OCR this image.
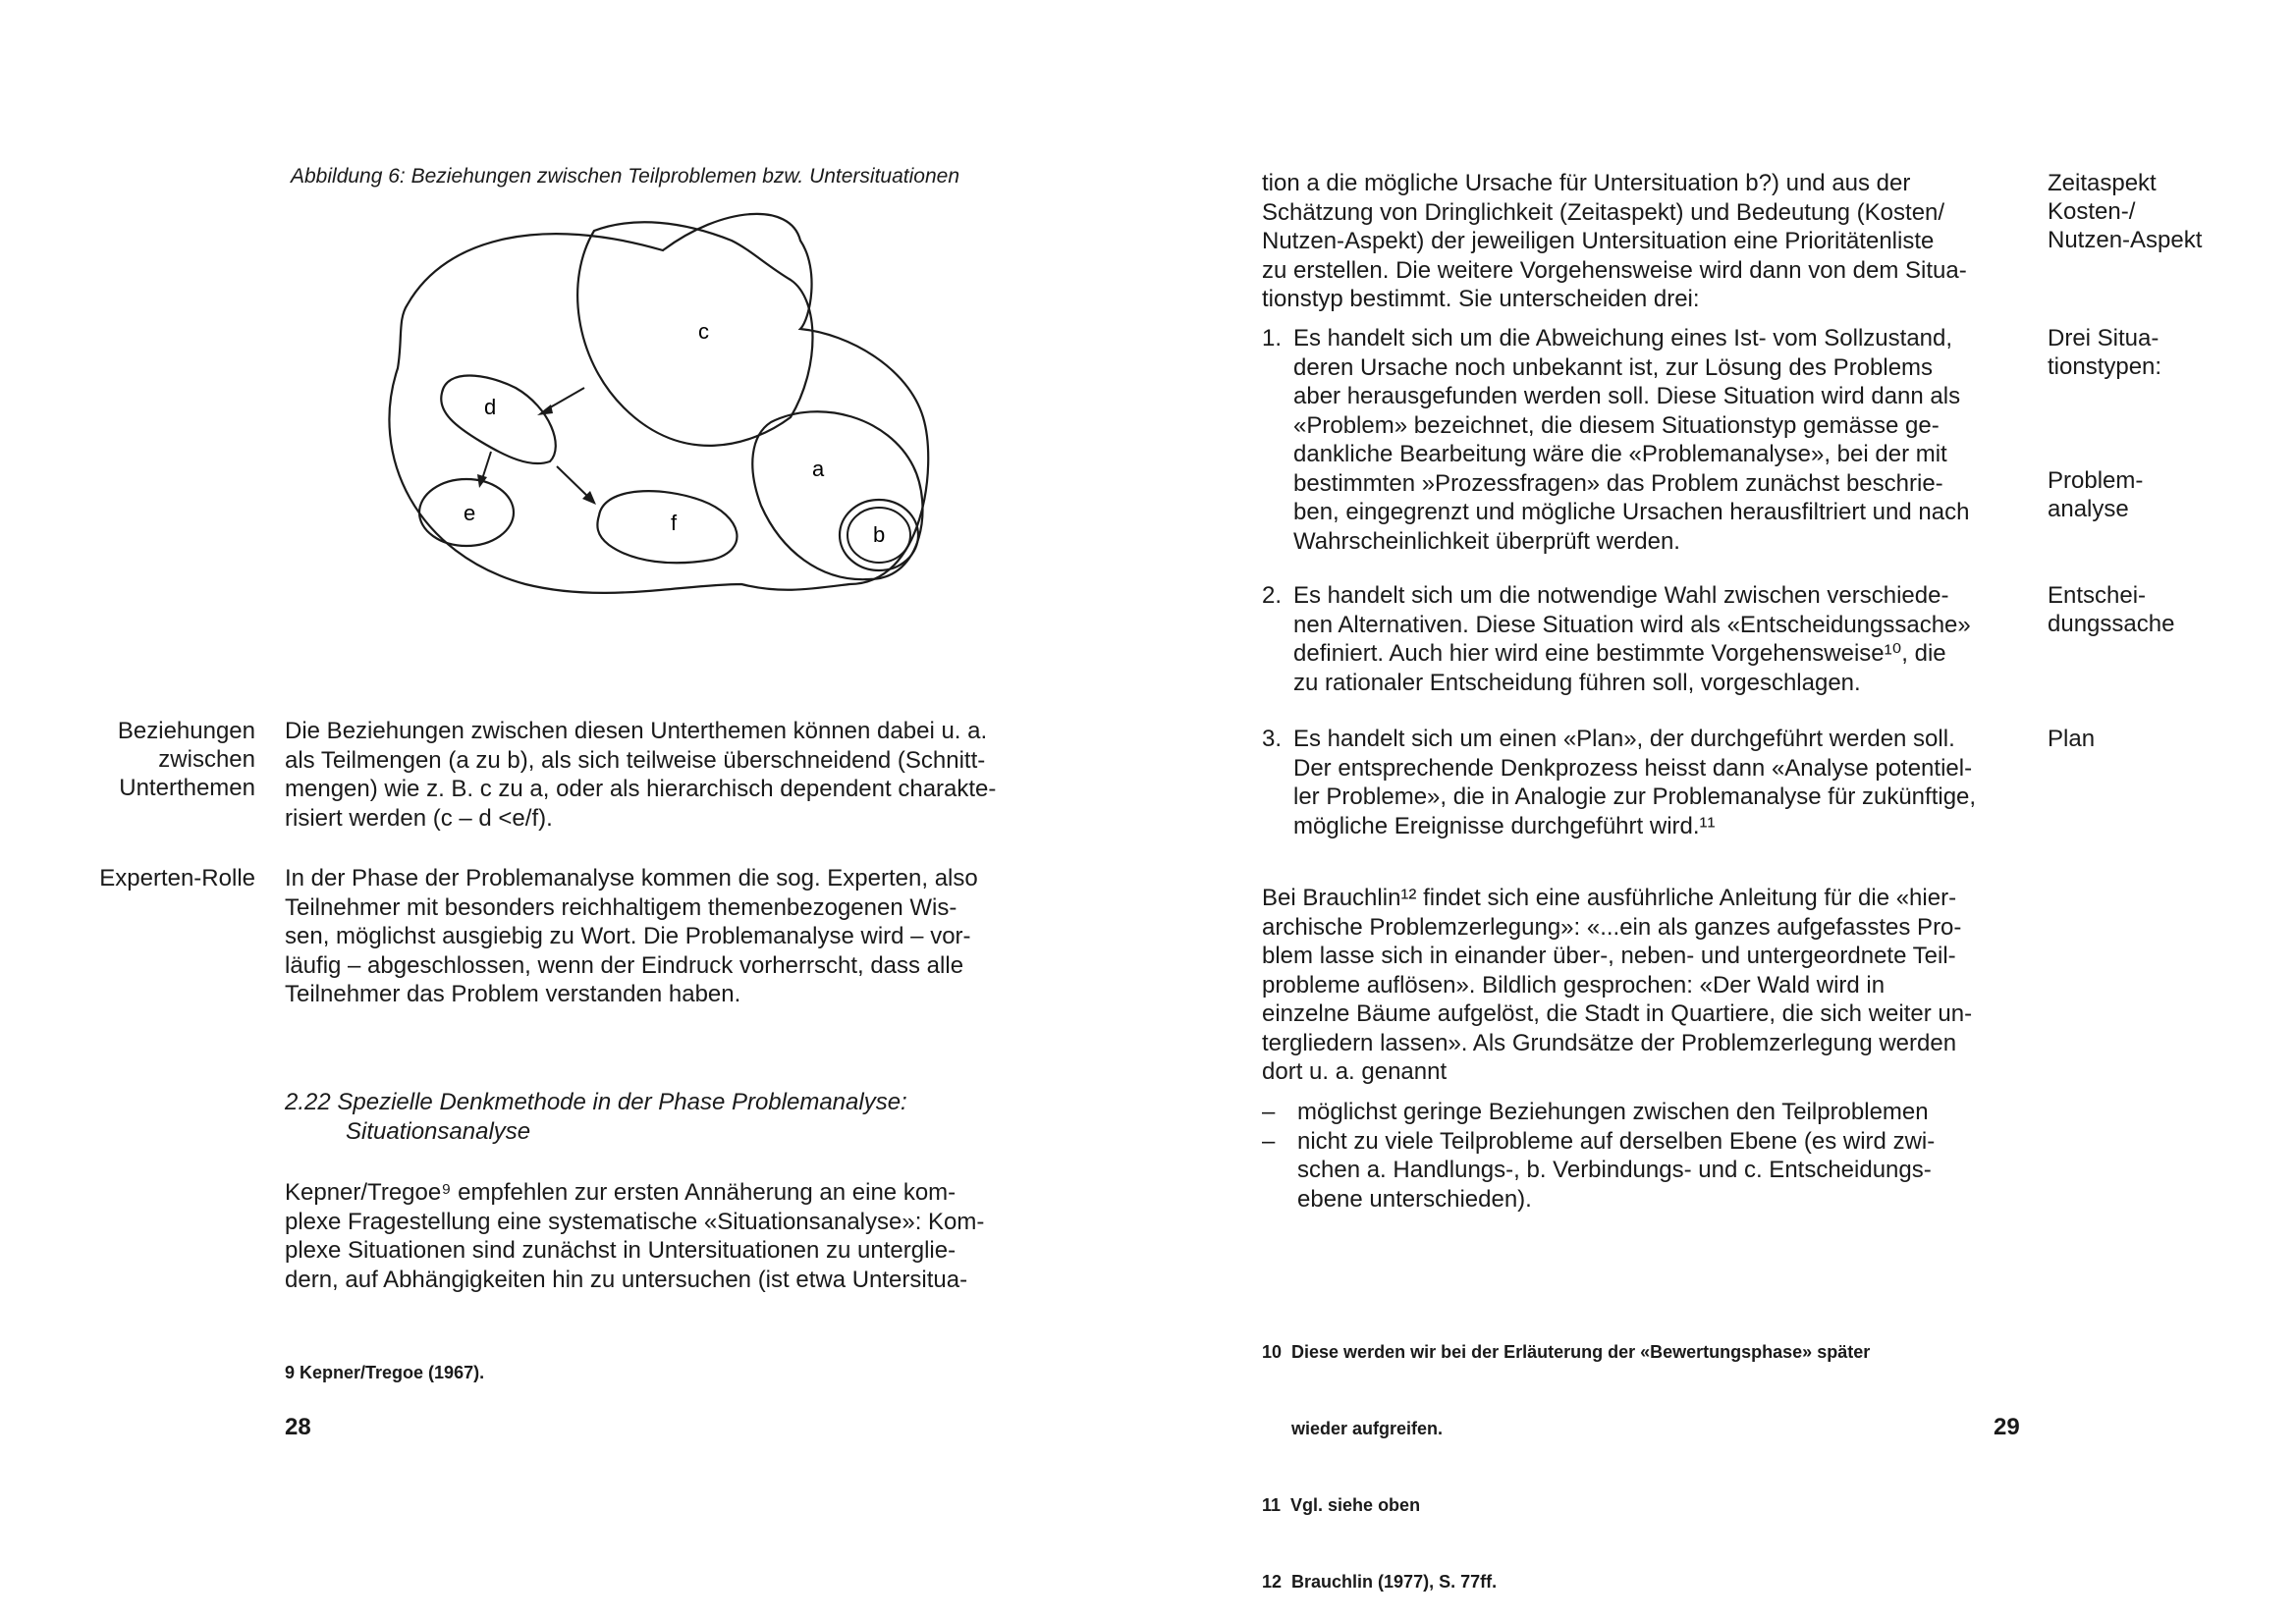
Abbildung 6: Beziehungen zwischen Teilproblemen bzw. Untersituationen
c
d
e	f
a
b
Beziehungen
zwischen
Unterthemen

Die Beziehungen zwischen diesen Unterthemen können dabei u. a.

als Teilmengen (a zu b), als sich teilweise überschneidend (Schnitt-

mengen) wie z. B. c zu a, oder als hierarchisch dependent charakte-

risiert werden (c – d <e/f).

Experten-Rolle In der Phase der Problemanalyse kommen die sog. Experten, also

Teilnehmer mit besonders reichhaltigem themenbezogenen Wis-

sen, möglichst ausgiebig zu Wort. Die Problemanalyse wird – vor-

läufig – abgeschlossen, wenn der Eindruck vorherrscht, dass alle

Teilnehmer das Problem verstanden haben.

2.22 Spezielle Denkmethode in der Phase Problemanalyse:
Situationsanalyse

Kepner/Tregoe⁹ empfehlen zur ersten Annäherung an eine kom-

plexe Fragestellung eine systematische «Situationsanalyse»: Kom-

plexe Situationen sind zunächst in Untersituationen zu unterglie-

dern, auf Abhängigkeiten hin zu untersuchen (ist etwa Untersitua-

9 Kepner/Tregoe (1967).
28

tion a die mögliche Ursache für Untersituation b?) und aus der

Schätzung von Dringlichkeit (Zeitaspekt) und Bedeutung (Kosten/

Nutzen-Aspekt) der jeweiligen Untersituation eine Prioritätenliste

zu erstellen. Die weitere Vorgehensweise wird dann von dem Situa-

tionstyp bestimmt. Sie unterscheiden drei:

Zeitaspekt
Kosten-/
Nutzen-Aspekt
1. Es handelt sich um die Abweichung eines Ist- vom Sollzustand,

deren Ursache noch unbekannt ist, zur Lösung des Problems

aber herausgefunden werden soll. Diese Situation wird dann als

«Problem» bezeichnet, die diesem Situationstyp gemässe ge-

dankliche Bearbeitung wäre die «Problemanalyse», bei der mit

bestimmten »Prozessfragen» das Problem zunächst beschrie-

ben, eingegrenzt und mögliche Ursachen herausfiltriert und nach

Wahrscheinlichkeit überprüft werden.

Drei Situa-
tionstypen:
Problem-
analyse
2. Es handelt sich um die notwendige Wahl zwischen verschiede-

nen Alternativen. Diese Situation wird als «Entscheidungssache»

definiert. Auch hier wird eine bestimmte Vorgehensweise¹⁰, die

zu rationaler Entscheidung führen soll, vorgeschlagen.

Entschei-
dungssache
3. Es handelt sich um einen «Plan», der durchgeführt werden soll.

Der entsprechende Denkprozess heisst dann «Analyse potentiel-

ler Probleme», die in Analogie zur Problemanalyse für zukünftige,

mögliche Ereignisse durchgeführt wird.¹¹

Plan

Bei Brauchlin¹² findet sich eine ausführliche Anleitung für die «hier-

archische Problemzerlegung»: «...ein als ganzes aufgefasstes Pro-

blem lasse sich in einander über-, neben- und untergeordnete Teil-

probleme auflösen». Bildlich gesprochen: «Der Wald wird in

einzelne Bäume aufgelöst, die Stadt in Quartiere, die sich weiter un-

tergliedern lassen». Als Grundsätze der Problemzerlegung werden

dort u. a. genannt

– möglichst geringe Beziehungen zwischen den Teilproblemen

– nicht zu viele Teilprobleme auf derselben Ebene (es wird zwi-

schen a. Handlungs-, b. Verbindungs- und c. Entscheidungs-

ebene unterschieden).

10  Diese werden wir bei der Erläuterung der «Bewertungsphase» später

wieder aufgreifen.

11  Vgl. siehe oben

12  Brauchlin (1977), S. 77ff.

29
